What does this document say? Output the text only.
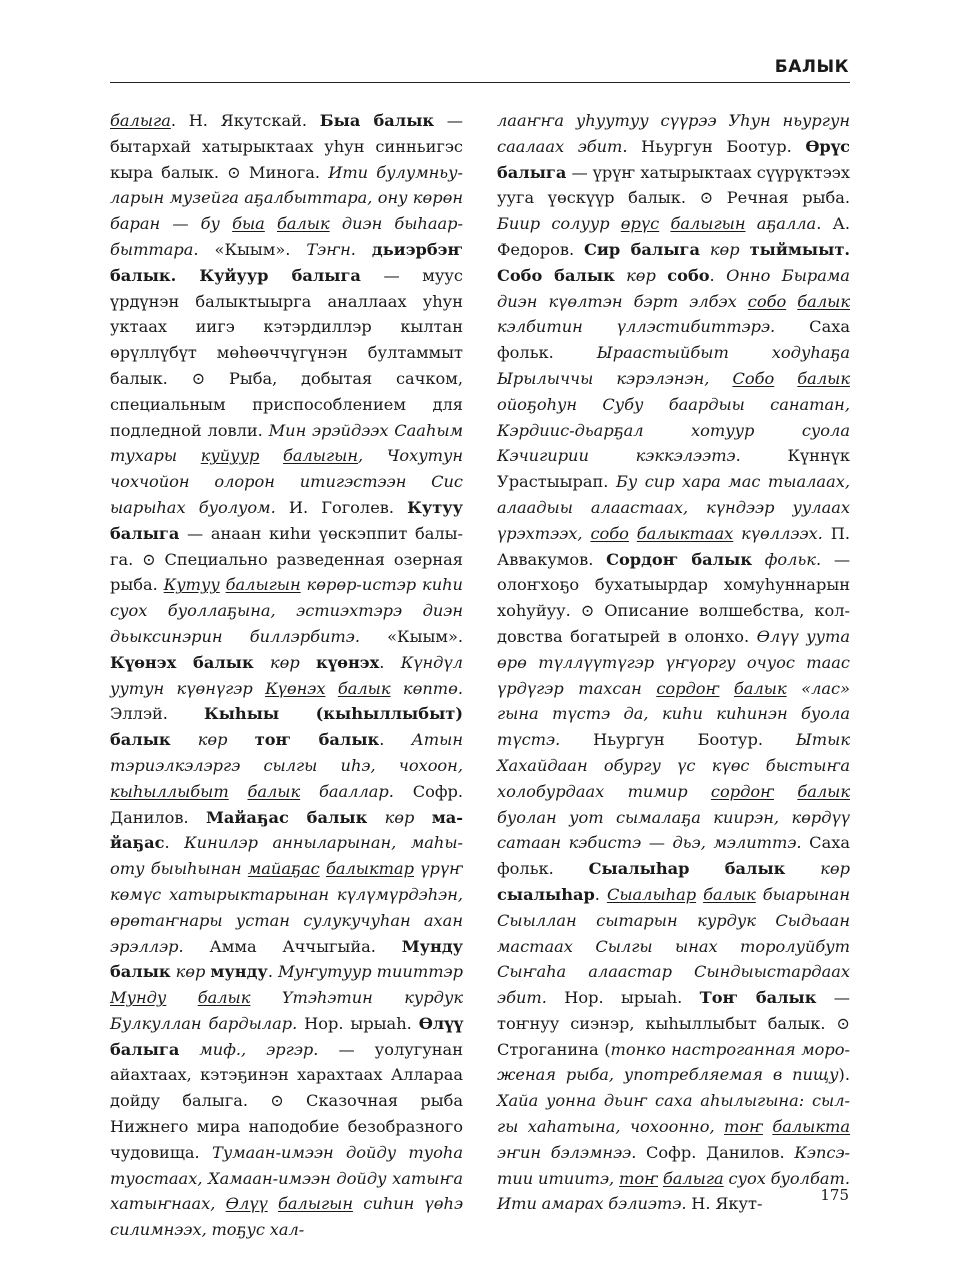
БАЛЫК
балыга. Н. Якутскай. Быа балык — бытархай хатырыктаах уhун синньигэс кыра балык. ⊙ Минога. Ити булумньуларын музейга аҕалбыттара, ону көрөн баран — бу быа балык диэн быhаарбыттара. «Кыым». Тэҥн. дьиэрбэҥ балык. Куйуур балыга — муус үрдүнэн балыктыырга аналлаах уhун уктаах иигэ кэтэрдиллэр кылтан өрүллүбүт мөhөөччүгүнэн бултаммыт балык. ⊙ Рыба, добытая сачком, специальным приспособлением для подледной ловли. Мин эрэйдээх Сааhым тухары куйуур балыгын, Чохутун чохчойон олорон итигэстээн Сис ыарыhах буолуом. И. Гоголев. Кутуу балыга — анаан киhи үөскэппит балыга. ⊙ Специально разведенная озерная рыба. Кутуу балыгын көрөр-истэр киhи суох буоллаҕына, эстиэхтэрэ диэн дьыксинэрин биллэрбитэ. «Кыым». Күөнэх балык көр күөнэх. Күндүл уутун күөнүгэр Күөнэх балык көптө. Эллэй. Кыhыы (кыhыллыбыт) балык көр тоҥ балык. Атын тэриэлкэлэргэ сылгы иhэ, чохоон, кыhыллыбыт балык бааллар. Софр. Данилов. Майаҕас балык көр майаҕас. Кинилэр анныларынан, маhы-оту быыhынан майаҕас балыктар үрүҥ көмүс хатырыктарынан күлүмүрдэhэн, өрөтаҥнары устан сулукучуhан ахан эрэллэр. Амма Аччыгыйа. Мунду балык көр мунду. Муҥутуур тииттэр Мунду балык Үтэhэтин курдук Булкуллан бардылар. Нор. ырыаh. Өлүү балыга миф., эргэр. — уолугунан айахтаах, кэтэҕинэн харахтаах Аллараа дойду балыга. ⊙ Сказочная рыба Нижнего мира наподобие безобразного чудовища. Тумаан-имээн дойду туоhа туостаах, Хамаан-имээн дойду хатыҥа хатыҥнаах, Өлүү балыгын сиhин үөhэ силимнээх, тоҕус хал-
лааҥҥа уhуутуу сүүрээ Уhун ньургун саалаах эбит. Ньургун Боотур. Өрүс балыга — үрүҥ хатырыктаах сүүрүктээх ууга үөскүүр балык. ⊙ Речная рыба. Биир солуур өрүс балыгын аҕалла. А. Федоров. Сир балыга көр тыймыыт. Собо балык көр собо. Онно Бырама диэн күөлтэн бэрт элбэх собо балык кэлбитин үллэстибиттэрэ. Саха фольк. Ыраастыйбыт ходуhаҕа Ырылыччы кэрэлэнэн, Собо балык ойоҕоhун Субу баардыы санатан, Кэрдиис-дьарҕал хотуур суола Кэчигирии кэккэлээтэ. Күннүк Урастыырап. Бу сир хара мас тыалаах, алаадыы алаастаах, күндээр уулаах үрэхтээх, собо балыктаах күөллээх. П. Аввакумов. Сордоҥ балык фольк. — олоҥхоҕо бухатыырдар хомуhуннарын хоhуйуу. ⊙ Описание волшебства, колдовства богатырей в олонхо. Өлүү уута өрө түллүүтүгэр үҥүоргу очуос таас үрдүгэр тахсан сордоҥ балык «лас» гына түстэ да, киhи киhинэн буола түстэ. Ньургун Боотур. Ытык Хахайдаан обургу үс күөс быстыҥа холобурдаах тимир сордоҥ балык буолан уот сымалаҕа киирэн, көрдүү сатаан кэбистэ — дьэ, мэлиттэ. Саха фольк. Сыалыhар балык көр сыалыhар. Сыалыhар балык быарынан Сыыллан сытарын курдук Сыдьаан мастаах Сылгы ынах торолуйбут Сыҥаhа алаастар Сындыыстардаах эбит. Нор. ырыаh. Тоҥ балык — тоҥнуу сиэнэр, кыhыллыбыт балык. ⊙ Строганина (тонко настроганная мороженая рыба, употребляемая в пищу). Хайа уонна дьиҥ саха аhылыгына: сылгы хаhатына, чохоонно, тоҥ балыкта эҥин бэлэмнээ. Софр. Данилов. Кэпсэтии итиитэ, тоҥ балыга суох буолбат. Ити амарах бэлиэтэ. Н. Якут-	175
